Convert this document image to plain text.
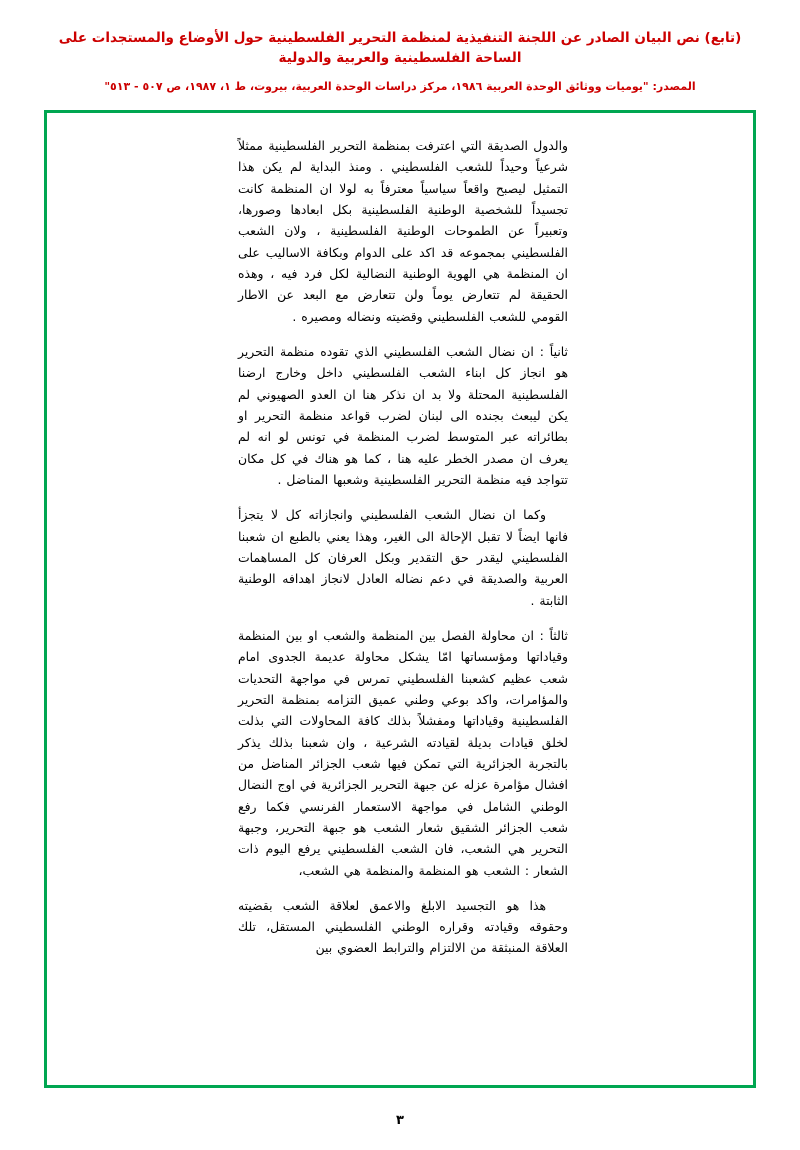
(تابع) نص البيان الصادر عن اللجنة التنفيذية لمنظمة التحرير الفلسطينية حول الأوضاع والمستجدات على الساحة الفلسطينية والعربية والدولية
المصدر: "يوميات ووثائق الوحدة العربية ١٩٨٦، مركز دراسات الوحدة العربية، بيروت، ط ١، ١٩٨٧، ص ٥٠٧ - ٥١٣"

والدول الصديقة التي اعترفت بمنظمة التحرير الفلسطينية ممثلاً شرعياً وحيداً للشعب الفلسطيني . ومنذ البداية لم يكن هذا التمثيل ليصبح واقعاً سياسياً معترفاً به لولا ان المنظمة كانت تجسيداً للشخصية الوطنية الفلسطينية بكل ابعادها وصورها، وتعبيراً عن الطموحات الوطنية الفلسطينية ، ولان الشعب الفلسطيني بمجموعه قد اكد على الدوام وبكافة الاساليب على ان المنظمة هي الهوية الوطنية النضالية لكل فرد فيه ، وهذه الحقيقة لم تتعارض يوماً ولن تتعارض مع البعد عن الاطار القومي للشعب الفلسطيني وقضيته ونضاله ومصيره .

ثانياً : ان نضال الشعب الفلسطيني الذي تقوده منظمة التحرير هو انجاز كل ابناء الشعب الفلسطيني داخل وخارج ارضنا الفلسطينية المحتلة ولا بد ان نذكر هنا ان العدو الصهيوني لم يكن ليبعث بجنده الى لبنان لضرب قواعد منظمة التحرير او بطائراته عبر المتوسط لضرب المنظمة في تونس لو انه لم يعرف ان مصدر الخطر عليه هنا ، كما هو هناك في كل مكان تتواجد فيه منظمة التحرير الفلسطينية وشعبها المناضل .

وكما ان نضال الشعب الفلسطيني وانجازاته كل لا يتجزأ فانها ايضاً لا تقبل الإحالة الى الغير، وهذا يعني بالطبع ان شعبنا الفلسطيني ليقدر حق التقدير وبكل العرفان كل المساهمات العربية والصديقة في دعم نضاله العادل لانجاز اهدافه الوطنية الثابتة .

ثالثاً : ان محاولة الفصل بين المنظمة والشعب او بين المنظمة وقياداتها ومؤسساتها امّا يشكل محاولة عديمة الجدوى امام شعب عظيم كشعبنا الفلسطيني تمرس في مواجهة التحديات والمؤامرات، واكد بوعي وطني عميق التزامه بمنظمة التحرير الفلسطينية وقياداتها ومفشلاً بذلك كافة المحاولات التي بذلت لخلق قيادات بديلة لقيادته الشرعية ، وان شعبنا بذلك يذكر بالتجربة الجزائرية التي تمكن فيها شعب الجزائر المناضل من افشال مؤامرة عزله عن جبهة التحرير الجزائرية في اوج النضال الوطني الشامل في مواجهة الاستعمار الفرنسي فكما رفع شعب الجزائر الشقيق شعار الشعب هو جبهة التحرير، وجبهة التحرير هي الشعب، فان الشعب الفلسطيني يرفع اليوم ذات الشعار : الشعب هو المنظمة والمنظمة هي الشعب،

هذا هو التجسيد الابلغ والاعمق لعلاقة الشعب بقضيته وحقوقه وقيادته وقراره الوطني الفلسطيني المستقل، تلك العلاقة المنبثقة من الالتزام والترابط العضوي بين

٣
